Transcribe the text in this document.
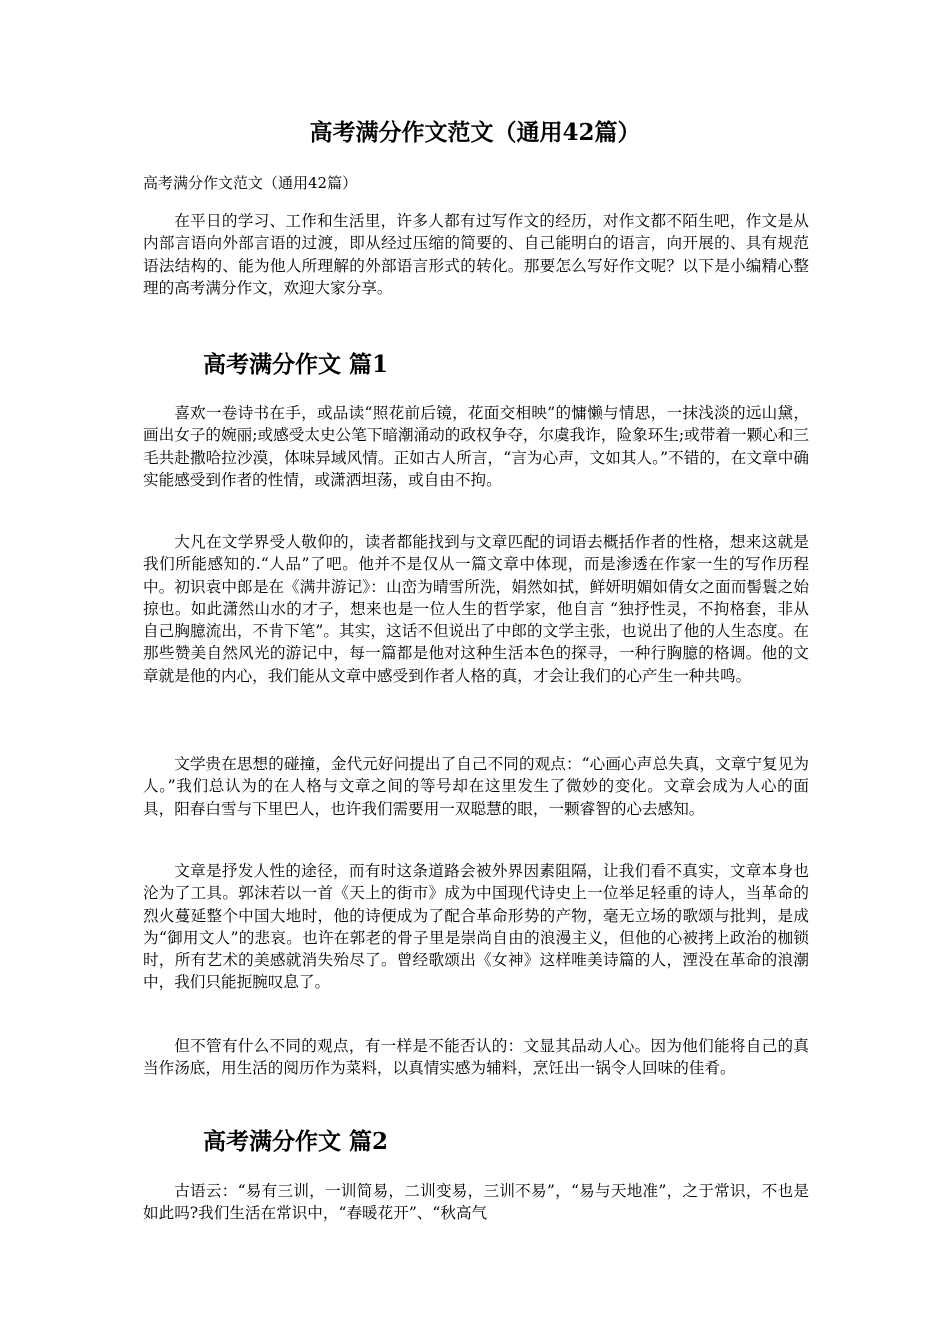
高考满分作文范文（通用42篇）

高考满分作文范文（通用42篇）

在平日的学习、工作和生活里，许多人都有过写作文的经历，对作文都不陌生吧，作文是从内部言语向外部言语的过渡，即从经过压缩的简要的、自己能明白的语言，向开展的、具有规范语法结构的、能为他人所理解的外部语言形式的转化。那要怎么写好作文呢？以下是小编精心整理的高考满分作文，欢迎大家分享。

高考满分作文 篇1

喜欢一卷诗书在手，或品读“照花前后镜，花面交相映”的慵懒与情思，一抹浅淡的远山黛，画出女子的婉丽;或感受太史公笔下暗潮涌动的政权争夺，尔虞我诈，险象环生;或带着一颗心和三毛共赴撒哈拉沙漠，体味异域风情。正如古人所言，“言为心声，文如其人。”不错的，在文章中确实能感受到作者的性情，或潇洒坦荡，或自由不拘。

大凡在文学界受人敬仰的，读者都能找到与文章匹配的词语去概括作者的性格，想来这就是我们所能感知的.“人品”了吧。他并不是仅从一篇文章中体现，而是渗透在作家一生的写作历程中。初识袁中郎是在《满井游记》：山峦为晴雪所洗，娟然如拭，鲜妍明媚如倩女之面而髻鬟之始掠也。如此潇然山水的才子，想来也是一位人生的哲学家，他自言 “独抒性灵，不拘格套，非从自己胸臆流出，不肯下笔”。其实，这话不但说出了中郎的文学主张，也说出了他的人生态度。在那些赞美自然风光的游记中，每一篇都是他对这种生活本色的探寻，一种行胸臆的格调。他的文章就是他的内心，我们能从文章中感受到作者人格的真，才会让我们的心产生一种共鸣。

文学贵在思想的碰撞，金代元好问提出了自己不同的观点：“心画心声总失真，文章宁复见为人。”我们总认为的在人格与文章之间的等号却在这里发生了微妙的变化。文章会成为人心的面具，阳春白雪与下里巴人，也许我们需要用一双聪慧的眼，一颗睿智的心去感知。

文章是抒发人性的途径，而有时这条道路会被外界因素阻隔，让我们看不真实，文章本身也沦为了工具。郭沫若以一首《天上的街市》成为中国现代诗史上一位举足轻重的诗人，当革命的烈火蔓延整个中国大地时，他的诗便成为了配合革命形势的产物，毫无立场的歌颂与批判，是成为“御用文人”的悲哀。也许在郭老的骨子里是崇尚自由的浪漫主义，但他的心被拷上政治的枷锁时，所有艺术的美感就消失殆尽了。曾经歌颂出《女神》这样唯美诗篇的人，湮没在革命的浪潮中，我们只能扼腕叹息了。

但不管有什么不同的观点，有一样是不能否认的：文显其品动人心。因为他们能将自己的真当作汤底，用生活的阅历作为菜料，以真情实感为辅料，烹饪出一锅令人回味的佳肴。

高考满分作文 篇2

古语云：“易有三训，一训简易，二训变易，三训不易”，“易与天地准”，之于常识，不也是如此吗?我们生活在常识中，“春暖花开”、“秋高气
